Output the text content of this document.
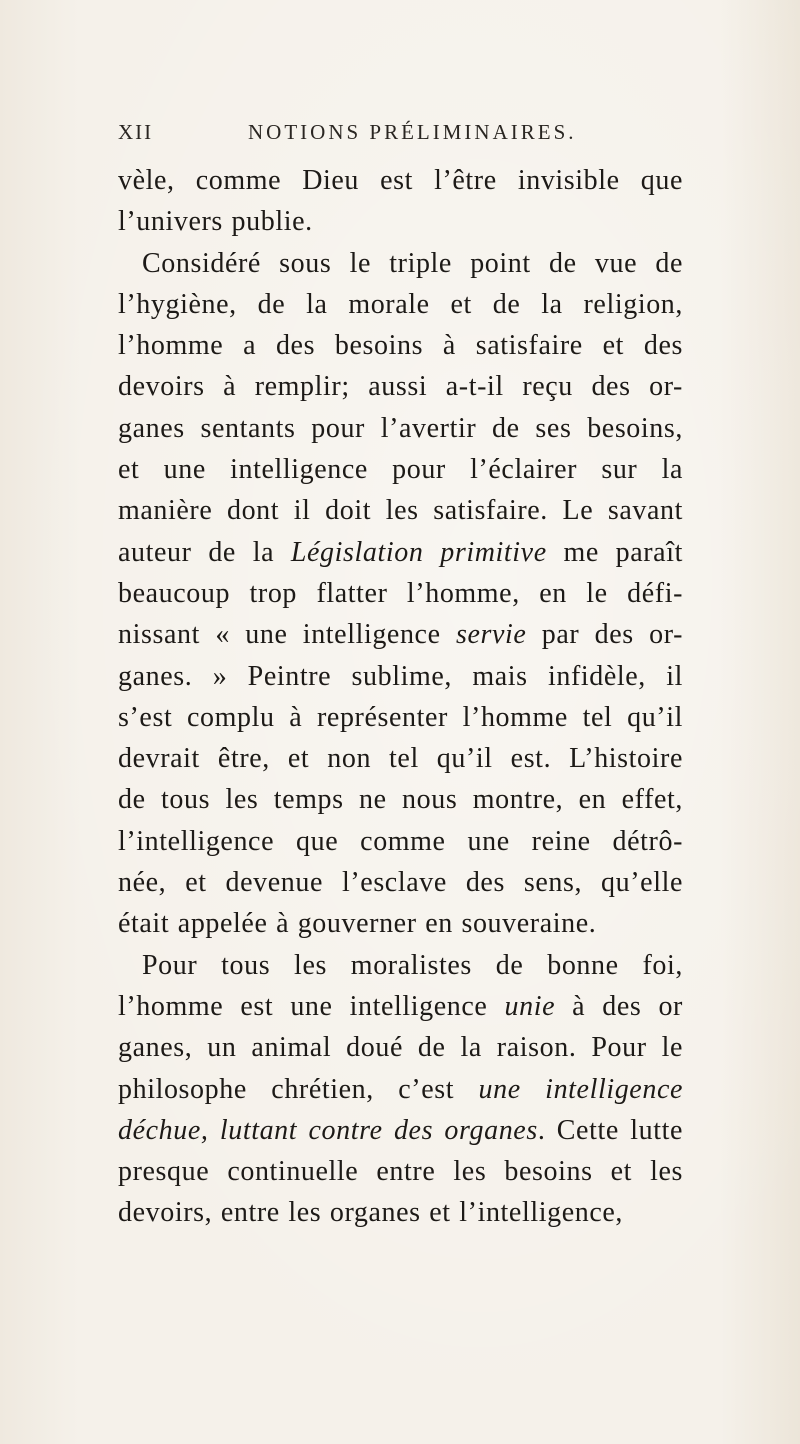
XII	NOTIONS PRÉLIMINAIRES.
vèle, comme Dieu est l’être invisible que
l’univers publie.
Considéré sous le triple point de vue de
l’hygiène, de la morale et de la religion,
l’homme a des besoins à satisfaire et des
devoirs à remplir; aussi a-t-il reçu des or-
ganes sentants pour l’avertir de ses besoins,
et une intelligence pour l’éclairer sur la
manière dont il doit les satisfaire. Le savant
auteur de la Législation primitive me paraît
beaucoup trop flatter l’homme, en le défi-
nissant « une intelligence servie par des or-
ganes. » Peintre sublime, mais infidèle, il
s’est complu à représenter l’homme tel qu’il
devrait être, et non tel qu’il est. L’histoire
de tous les temps ne nous montre, en effet,
l’intelligence que comme une reine détrô-
née, et devenue l’esclave des sens, qu’elle
était appelée à gouverner en souveraine.
Pour tous les moralistes de bonne foi,
l’homme est une intelligence unie à des or
ganes, un animal doué de la raison. Pour le
philosophe chrétien, c’est une intelligence
déchue, luttant contre des organes. Cette lutte
presque continuelle entre les besoins et les
devoirs, entre les organes et l’intelligence,
